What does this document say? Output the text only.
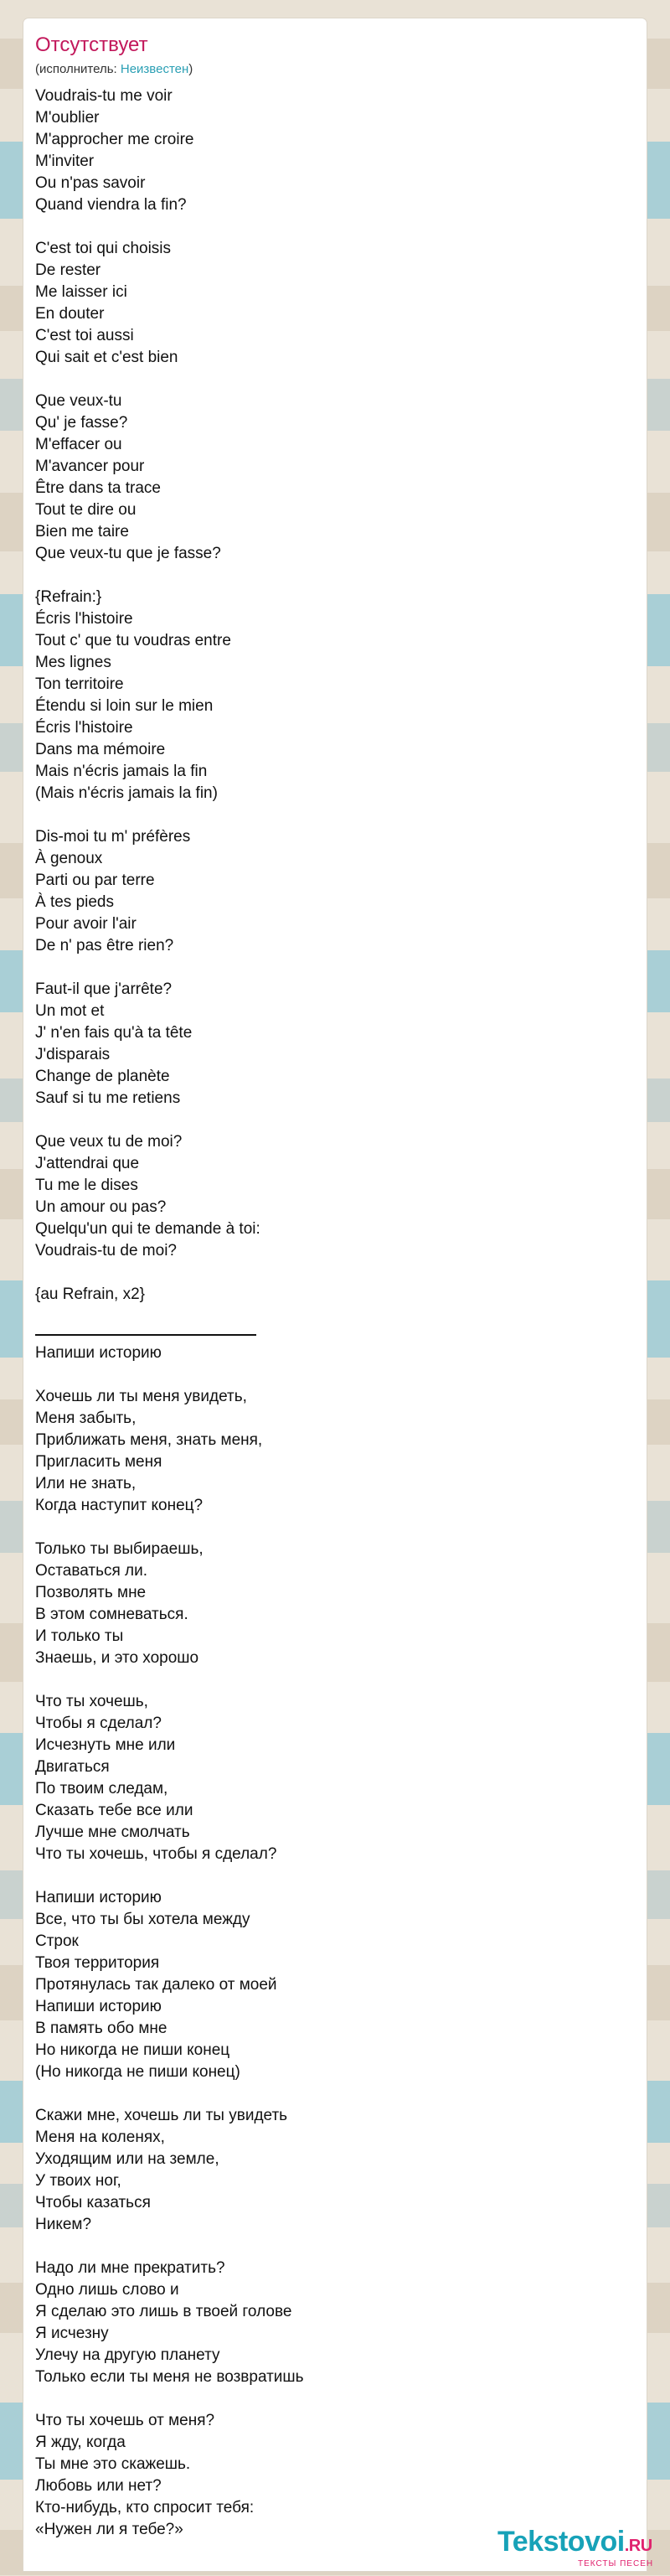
Отсутствует
(исполнитель: Неизвестен)
Voudrais-tu me voir
M'oublier
M'approcher me croire
M'inviter
Ou n'pas savoir
Quand viendra la fin?
C'est toi qui choisis
De rester
Me laisser ici
En douter
C'est toi aussi
Qui sait et c'est bien
Que veux-tu
Qu' je fasse?
M'effacer ou
M'avancer pour
Être dans ta trace
Tout te dire ou
Bien me taire
Que veux-tu que je fasse?
{Refrain:}
Écris l'histoire
Tout c' que tu voudras entre
Mes lignes
Ton territoire
Étendu si loin sur le mien
Écris l'histoire
Dans ma mémoire
Mais n'écris jamais la fin
(Mais n'écris jamais la fin)
Dis-moi tu m' préfères
À genoux
Parti ou par terre
À tes pieds
Pour avoir l'air
De n' pas être rien?
Faut-il que j'arrête?
Un mot et
J' n'en fais qu'à ta tête
J'disparais
Change de planète
Sauf si tu me retiens
Que veux tu de moi?
J'attendrai que
Tu me le dises
Un amour ou pas?
Quelqu'un qui te demande à toi:
Voudrais-tu de moi?
{au Refrain, x2}
Напиши историю
Хочешь ли ты меня увидеть,
Меня забыть,
Приближать меня, знать меня,
Пригласить меня
Или не знать,
Когда наступит конец?
Только ты выбираешь,
Оставаться ли.
Позволять мне
В этом сомневаться.
И только ты
Знаешь, и это хорошо
Что ты хочешь,
Чтобы я сделал?
Исчезнуть мне или
Двигаться
По твоим следам,
Сказать тебе все или
Лучше мне смолчать
Что ты хочешь, чтобы я сделал?
Напиши историю
Все, что ты бы хотела между
Строк
Твоя территория
Протянулась так далеко от моей
Напиши историю
В память обо мне
Но никогда не пиши конец
(Но никогда не пиши конец)
Скажи мне, хочешь ли ты увидеть
Меня на коленях,
Уходящим или на земле,
У твоих ног,
Чтобы казаться
Никем?
Надо ли мне прекратить?
Одно лишь слово и
Я сделаю это лишь в твоей голове
Я исчезну
Улечу на другую планету
Только если ты меня не возвратишь
Что ты хочешь от меня?
Я жду, когда
Ты мне это скажешь.
Любовь или нет?
Кто-нибудь, кто спросит тебя:
«Нужен ли я тебе?»	Tekstovoi.RU
ТЕКСТЫ ПЕСЕН
